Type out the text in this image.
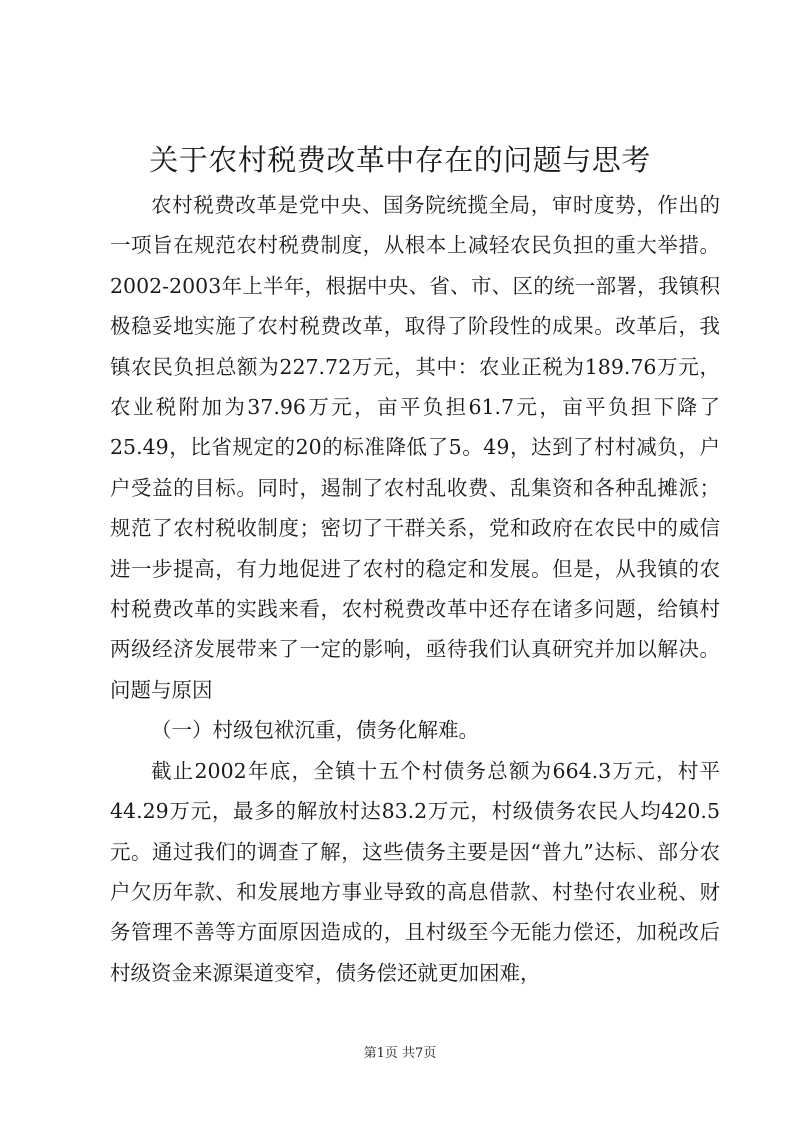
关于农村税费改革中存在的问题与思考

农村税费改革是党中央、国务院统揽全局，审时度势，作出的一项旨在规范农村税费制度，从根本上减轻农民负担的重大举措。2002-2003年上半年，根据中央、省、市、区的统一部署，我镇积极稳妥地实施了农村税费改革，取得了阶段性的成果。改革后，我镇农民负担总额为227.72万元，其中：农业正税为189.76万元，农业税附加为37.96万元，亩平负担61.7元，亩平负担下降了25.49，比省规定的20的标准降低了5。49，达到了村村减负，户户受益的目标。同时，遏制了农村乱收费、乱集资和各种乱摊派；规范了农村税收制度；密切了干群关系，党和政府在农民中的威信进一步提高，有力地促进了农村的稳定和发展。但是，从我镇的农村税费改革的实践来看，农村税费改革中还存在诸多问题，给镇村两级经济发展带来了一定的影响，亟待我们认真研究并加以解决。问题与原因

（一）村级包袱沉重，债务化解难。

截止2002年底，全镇十五个村债务总额为664.3万元，村平44.29万元，最多的解放村达83.2万元，村级债务农民人均420.5元。通过我们的调查了解，这些债务主要是因“普九”达标、部分农户欠历年款、和发展地方事业导致的高息借款、村垫付农业税、财务管理不善等方面原因造成的，且村级至今无能力偿还，加税改后村级资金来源渠道变窄，债务偿还就更加困难，

第1页 共7页
